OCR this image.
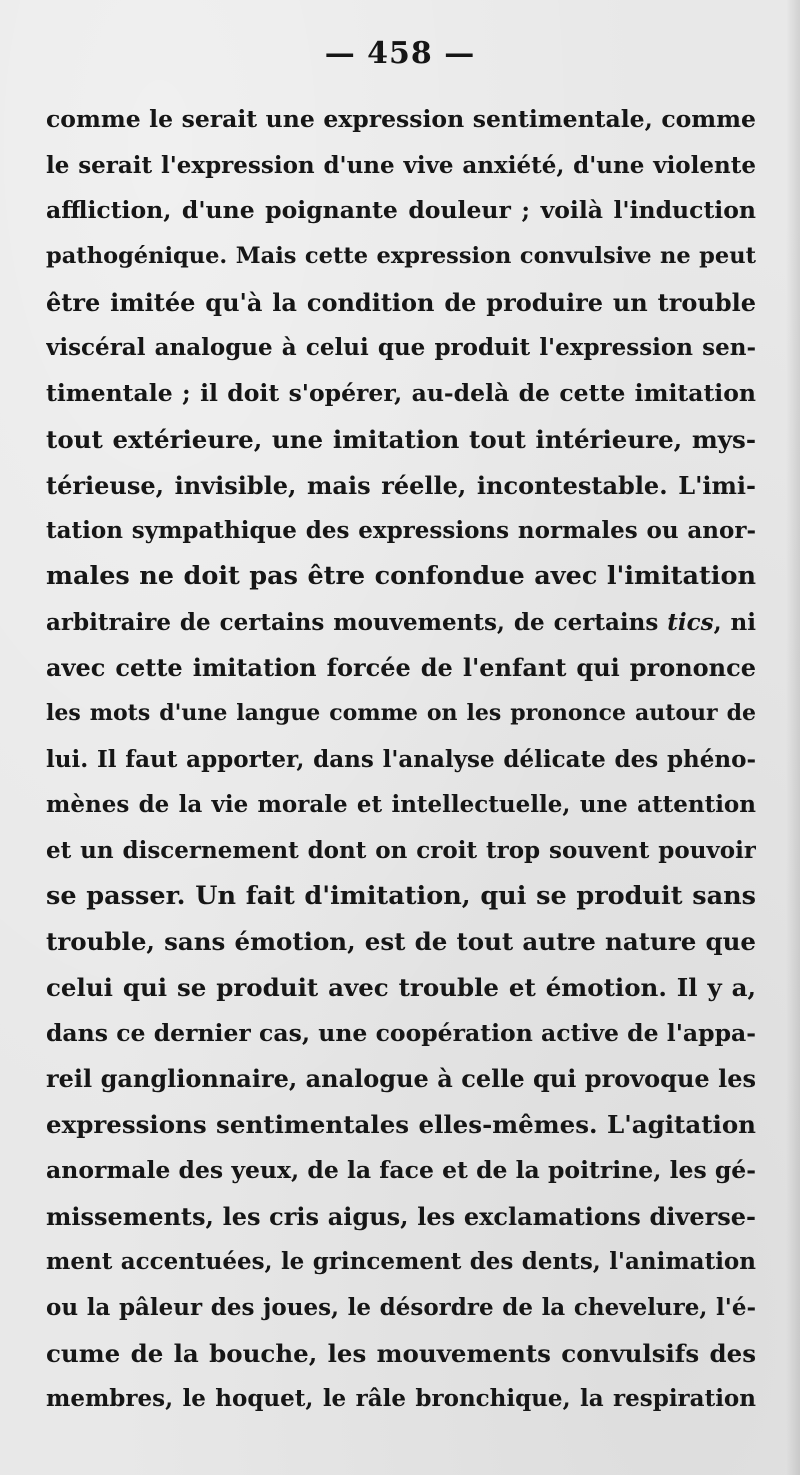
— 458 —
comme le serait une expression sentimentale, comme
le serait l'expression d'une vive anxiété, d'une violente
affliction, d'une poignante douleur ; voilà l'induction
pathogénique. Mais cette expression convulsive ne peut
être imitée qu'à la condition de produire un trouble
viscéral analogue à celui que produit l'expression sen-
timentale ; il doit s'opérer, au-delà de cette imitation
tout extérieure, une imitation tout intérieure, mys-
térieuse, invisible, mais réelle, incontestable. L'imi-
tation sympathique des expressions normales ou anor-
males ne doit pas être confondue avec l'imitation
arbitraire de certains mouvements, de certains tics, ni
avec cette imitation forcée de l'enfant qui prononce
les mots d'une langue comme on les prononce autour de
lui. Il faut apporter, dans l'analyse délicate des phéno-
mènes de la vie morale et intellectuelle, une attention
et un discernement dont on croit trop souvent pouvoir
se passer. Un fait d'imitation, qui se produit sans
trouble, sans émotion, est de tout autre nature que
celui qui se produit avec trouble et émotion. Il y a,
dans ce dernier cas, une coopération active de l'appa-
reil ganglionnaire, analogue à celle qui provoque les
expressions sentimentales elles-mêmes. L'agitation
anormale des yeux, de la face et de la poitrine, les gé-
missements, les cris aigus, les exclamations diverse-
ment accentuées, le grincement des dents, l'animation
ou la pâleur des joues, le désordre de la chevelure, l'é-
cume de la bouche, les mouvements convulsifs des
membres, le hoquet, le râle bronchique, la respiration
